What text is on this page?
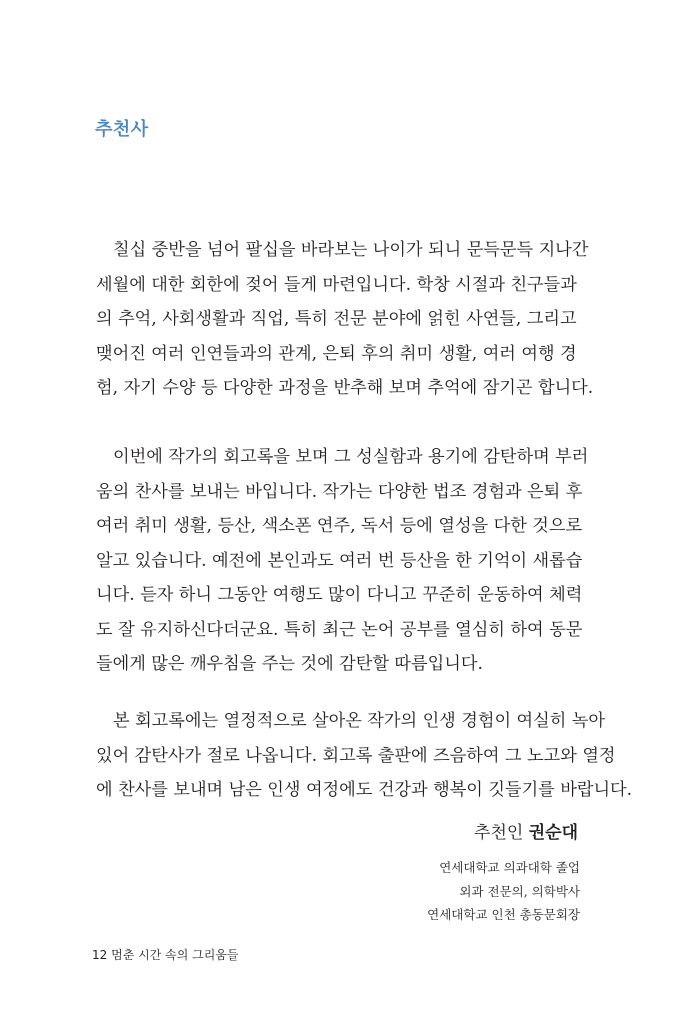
추천사
칠십 중반을 넘어 팔십을 바라보는 나이가 되니 문득문득 지나간
세월에 대한 회한에 젖어 들게 마련입니다. 학창 시절과 친구들과
의 추억, 사회생활과 직업, 특히 전문 분야에 얽힌 사연들, 그리고
맺어진 여러 인연들과의 관계, 은퇴 후의 취미 생활, 여러 여행 경
험, 자기 수양 등 다양한 과정을 반추해 보며 추억에 잠기곤 합니다.
이번에 작가의 회고록을 보며 그 성실함과 용기에 감탄하며 부러
움의 찬사를 보내는 바입니다. 작가는 다양한 법조 경험과 은퇴 후
여러 취미 생활, 등산, 색소폰 연주, 독서 등에 열성을 다한 것으로
알고 있습니다. 예전에 본인과도 여러 번 등산을 한 기억이 새롭습
니다. 듣자 하니 그동안 여행도 많이 다니고 꾸준히 운동하여 체력
도 잘 유지하신다더군요. 특히 최근 논어 공부를 열심히 하여 동문
들에게 많은 깨우침을 주는 것에 감탄할 따름입니다.
본 회고록에는 열정적으로 살아온 작가의 인생 경험이 여실히 녹아
있어 감탄사가 절로 나옵니다. 회고록 출판에 즈음하여 그 노고와 열정
에 찬사를 보내며 남은 인생 여정에도 건강과 행복이 깃들기를 바랍니다.
추천인 권순대
연세대학교 의과대학 졸업
외과 전문의, 의학박사
연세대학교 인천 총동문회장
12 멈춘 시간 속의 그리움들
